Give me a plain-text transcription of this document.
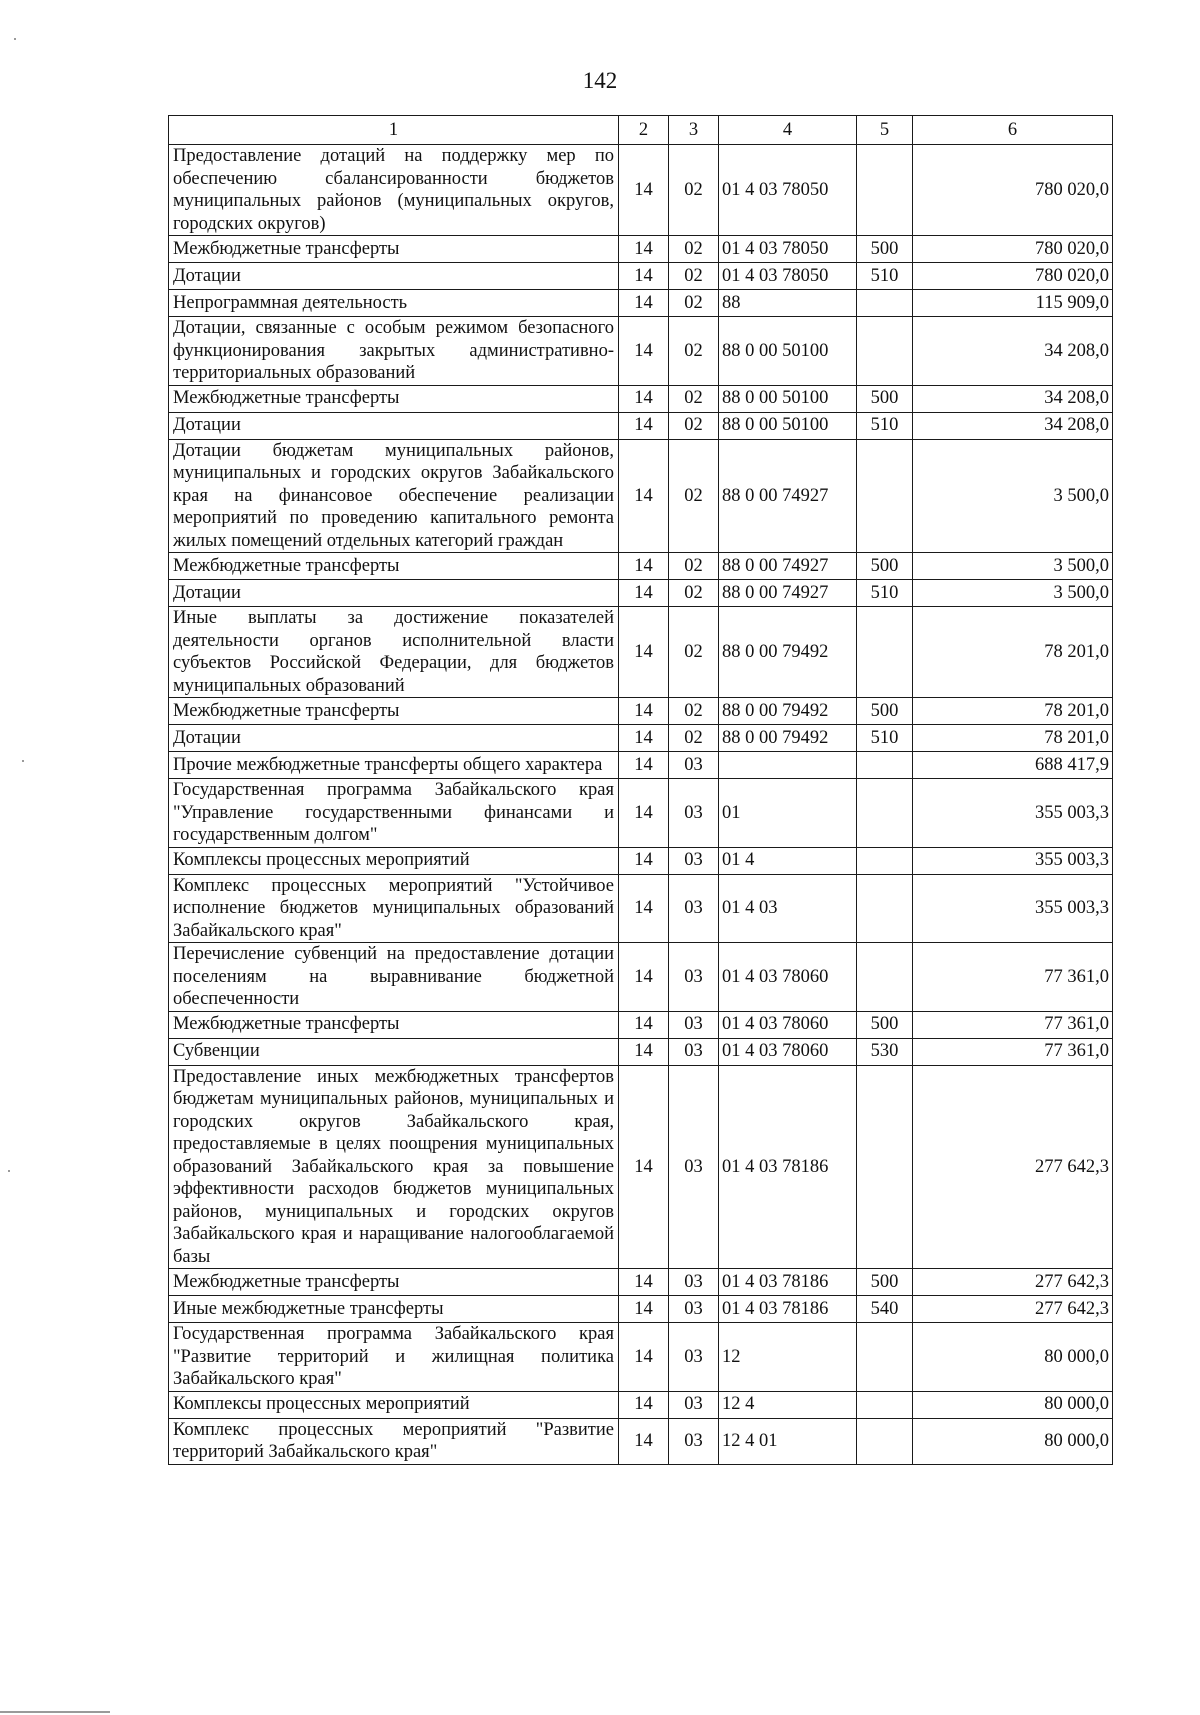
142
1	2	3	4	5	6
Предоставление дотаций на поддержку мер по обеспечению сбалансированности бюджетов муниципальных районов (муниципальных округов, городских округов)	14	02	01 4 03 78050		780 020,0
Межбюджетные трансферты	14	02	01 4 03 78050	500	780 020,0
Дотации	14	02	01 4 03 78050	510	780 020,0
Непрограммная деятельность	14	02	88		115 909,0
Дотации, связанные с особым режимом безопасного функционирования закрытых административно-территориальных образований	14	02	88 0 00 50100		34 208,0
Межбюджетные трансферты	14	02	88 0 00 50100	500	34 208,0
Дотации	14	02	88 0 00 50100	510	34 208,0
Дотации бюджетам муниципальных районов, муниципальных и городских округов Забайкальского края на финансовое обеспечение реализации мероприятий по проведению капитального ремонта жилых помещений отдельных категорий граждан	14	02	88 0 00 74927		3 500,0
Межбюджетные трансферты	14	02	88 0 00 74927	500	3 500,0
Дотации	14	02	88 0 00 74927	510	3 500,0
Иные выплаты за достижение показателей деятельности органов исполнительной власти субъектов Российской Федерации, для бюджетов муниципальных образований	14	02	88 0 00 79492		78 201,0
Межбюджетные трансферты	14	02	88 0 00 79492	500	78 201,0
Дотации	14	02	88 0 00 79492	510	78 201,0
Прочие межбюджетные трансферты общего характера	14	03			688 417,9
Государственная программа Забайкальского края "Управление государственными финансами и государственным долгом"	14	03	01		355 003,3
Комплексы процессных мероприятий	14	03	01 4		355 003,3
Комплекс процессных мероприятий "Устойчивое исполнение бюджетов муниципальных образований Забайкальского края"	14	03	01 4 03		355 003,3
Перечисление субвенций на предоставление дотации поселениям на выравнивание бюджетной обеспеченности	14	03	01 4 03 78060		77 361,0
Межбюджетные трансферты	14	03	01 4 03 78060	500	77 361,0
Субвенции	14	03	01 4 03 78060	530	77 361,0
Предоставление иных межбюджетных трансфертов бюджетам муниципальных районов, муниципальных и городских округов Забайкальского края, предоставляемые в целях поощрения муниципальных образований Забайкальского края за повышение эффективности расходов бюджетов муниципальных районов, муниципальных и городских округов Забайкальского края и наращивание налогооблагаемой базы	14	03	01 4 03 78186		277 642,3
Межбюджетные трансферты	14	03	01 4 03 78186	500	277 642,3
Иные межбюджетные трансферты	14	03	01 4 03 78186	540	277 642,3
Государственная программа Забайкальского края "Развитие территорий и жилищная политика Забайкальского края"	14	03	12		80 000,0
Комплексы процессных мероприятий	14	03	12 4		80 000,0
Комплекс процессных мероприятий "Развитие территорий Забайкальского края"	14	03	12 4 01		80 000,0
